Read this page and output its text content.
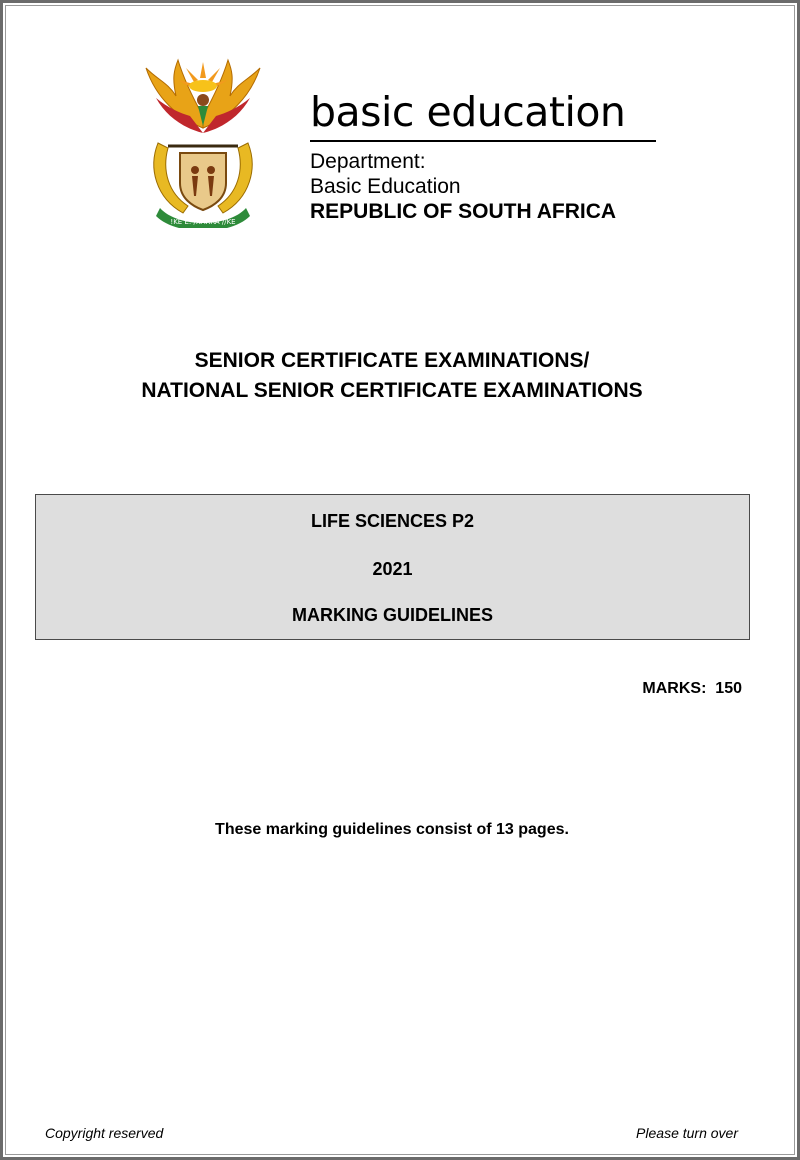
!KE E: /XARRA //KE
basic education
Department:
Basic Education
REPUBLIC OF SOUTH AFRICA
SENIOR CERTIFICATE EXAMINATIONS/
NATIONAL SENIOR CERTIFICATE EXAMINATIONS
LIFE SCIENCES P2
2021
MARKING GUIDELINES
MARKS:  150
These marking guidelines consist of 13 pages.
Copyright reserved	Please turn over
